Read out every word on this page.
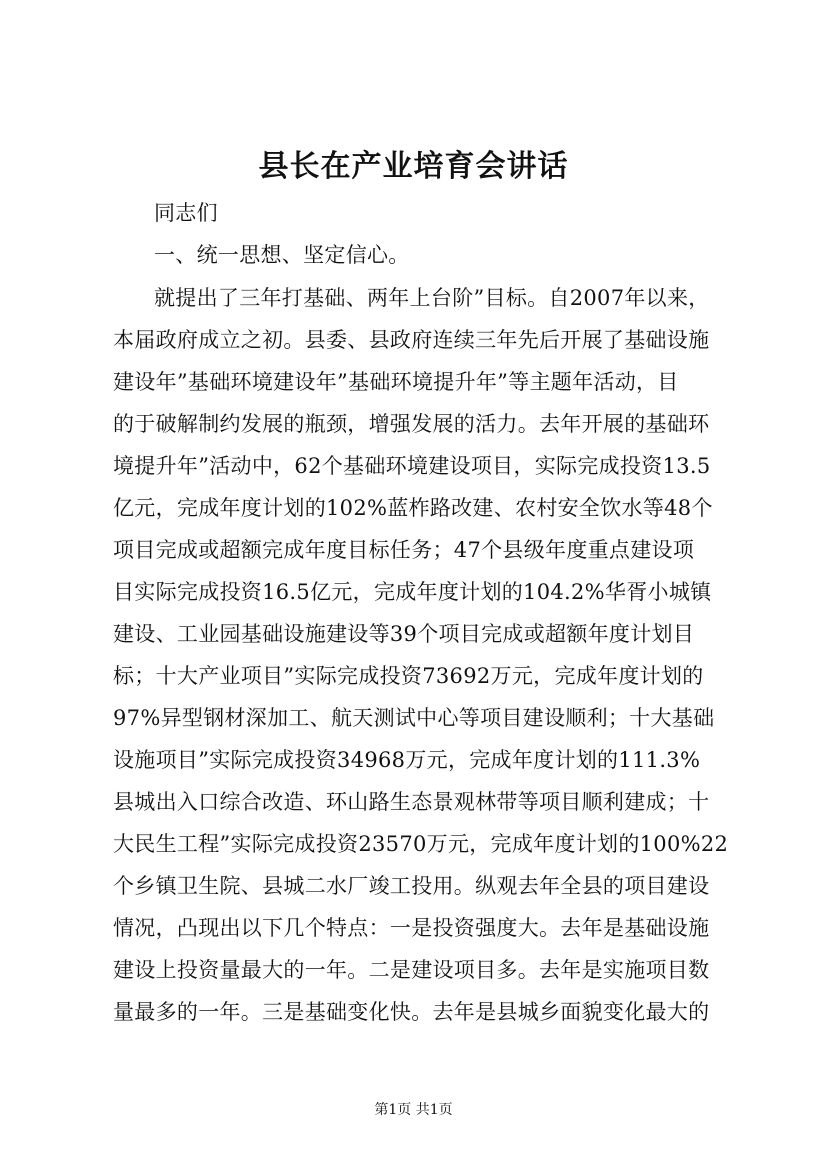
县长在产业培育会讲话
同志们
一、统一思想、坚定信心。
就提出了三年打基础、两年上台阶”目标。自2007年以来，
本届政府成立之初。县委、县政府连续三年先后开展了基础设施
建设年”基础环境建设年”基础环境提升年”等主题年活动，目
的于破解制约发展的瓶颈，增强发展的活力。去年开展的基础环
境提升年”活动中，62个基础环境建设项目，实际完成投资13.5
亿元，完成年度计划的102%蓝柞路改建、农村安全饮水等48个
项目完成或超额完成年度目标任务；47个县级年度重点建设项
目实际完成投资16.5亿元，完成年度计划的104.2%华胥小城镇
建设、工业园基础设施建设等39个项目完成或超额年度计划目
标；十大产业项目”实际完成投资73692万元，完成年度计划的
97%异型钢材深加工、航天测试中心等项目建设顺利；十大基础
设施项目”实际完成投资34968万元，完成年度计划的111.3%
县城出入口综合改造、环山路生态景观林带等项目顺利建成；十
大民生工程”实际完成投资23570万元，完成年度计划的100%22
个乡镇卫生院、县城二水厂竣工投用。纵观去年全县的项目建设
情况，凸现出以下几个特点：一是投资强度大。去年是基础设施
建设上投资量最大的一年。二是建设项目多。去年是实施项目数
量最多的一年。三是基础变化快。去年是县城乡面貌变化最大的
第1页 共1页
